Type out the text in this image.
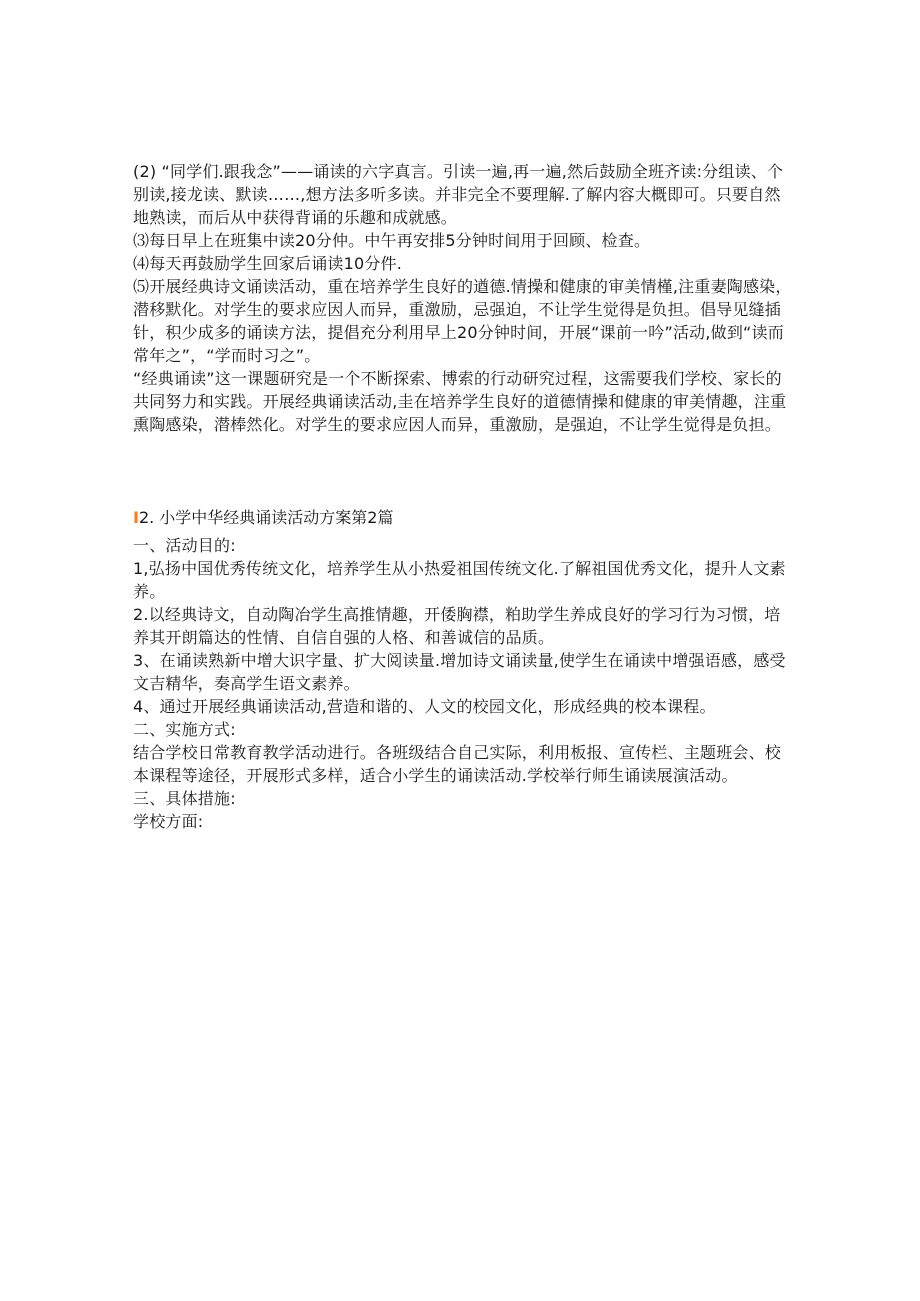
(2) “同学们.跟我念”——诵读的六字真言。引读一遍,再一遍,然后鼓励全班齐读:分组读、个别读,接龙读、默读……,想方法多听多读。并非完全不要理解.了解内容大概即可。只要自然地熟读，而后从中获得背诵的乐趣和成就感。

⑶每日早上在班集中读20分仲。中午再安排5分钟时间用于回顾、检查。

⑷每天再鼓励学生回家后诵读10分件.

⑸开展经典诗文诵读活动，重在培养学生良好的遒德.情操和健康的审美情槿,注重妻陶感染，潜移默化。对学生的要求应因人而异，重激励，忌强迫，不让学生觉得是负担。倡导见缝插针，积少成多的诵读方法，提倡充分利用早上20分钟时间，开展“课前一吟”活动,做到“读而常年之”，“学而时习之”。

“经典诵读”这一课题研究是一个不断探索、博索的行动研究过程，这需要我们学校、家长的共同努力和实践。开展经典诵读活动,圭在培养学生良好的道德情操和健康的审美情趣，注重熏陶感染，潜棒然化。对学生的要求应因人而异，重激励，是强迫，不让学生觉得是负担。

I2. 小学中华经典诵读活动方案第2篇

一、活动目的:

1,弘扬中国优秀传统文化，培养学生从小热爱祖国传统文化.了解祖国优秀文化，提升人文素养。

2.以经典诗文，自动陶冶学生高推情趣，开倭胸襟，粕助学生养成良好的学习行为习惯，培养其开朗篇达的性情、自信自强的人格、和善诚信的品质。

3、在诵读熟新中增大识字量、扩大阅读量.增加诗文诵读量,使学生在诵读中增强语感，感受文吉精华，奏高学生语文素养。

4、通过开展经典诵读活动,营造和谐的、人文的校园文化，形成经典的校本课程。

二、实施方式:

结合学校日常教育教学活动进行。各班级结合自己实际，利用板报、宣传栏、主题班会、校本课程等途径，开展形式多样，适合小学生的诵读活动.学校举行师生诵读展演活动。

三、具体措施:

学校方面:
